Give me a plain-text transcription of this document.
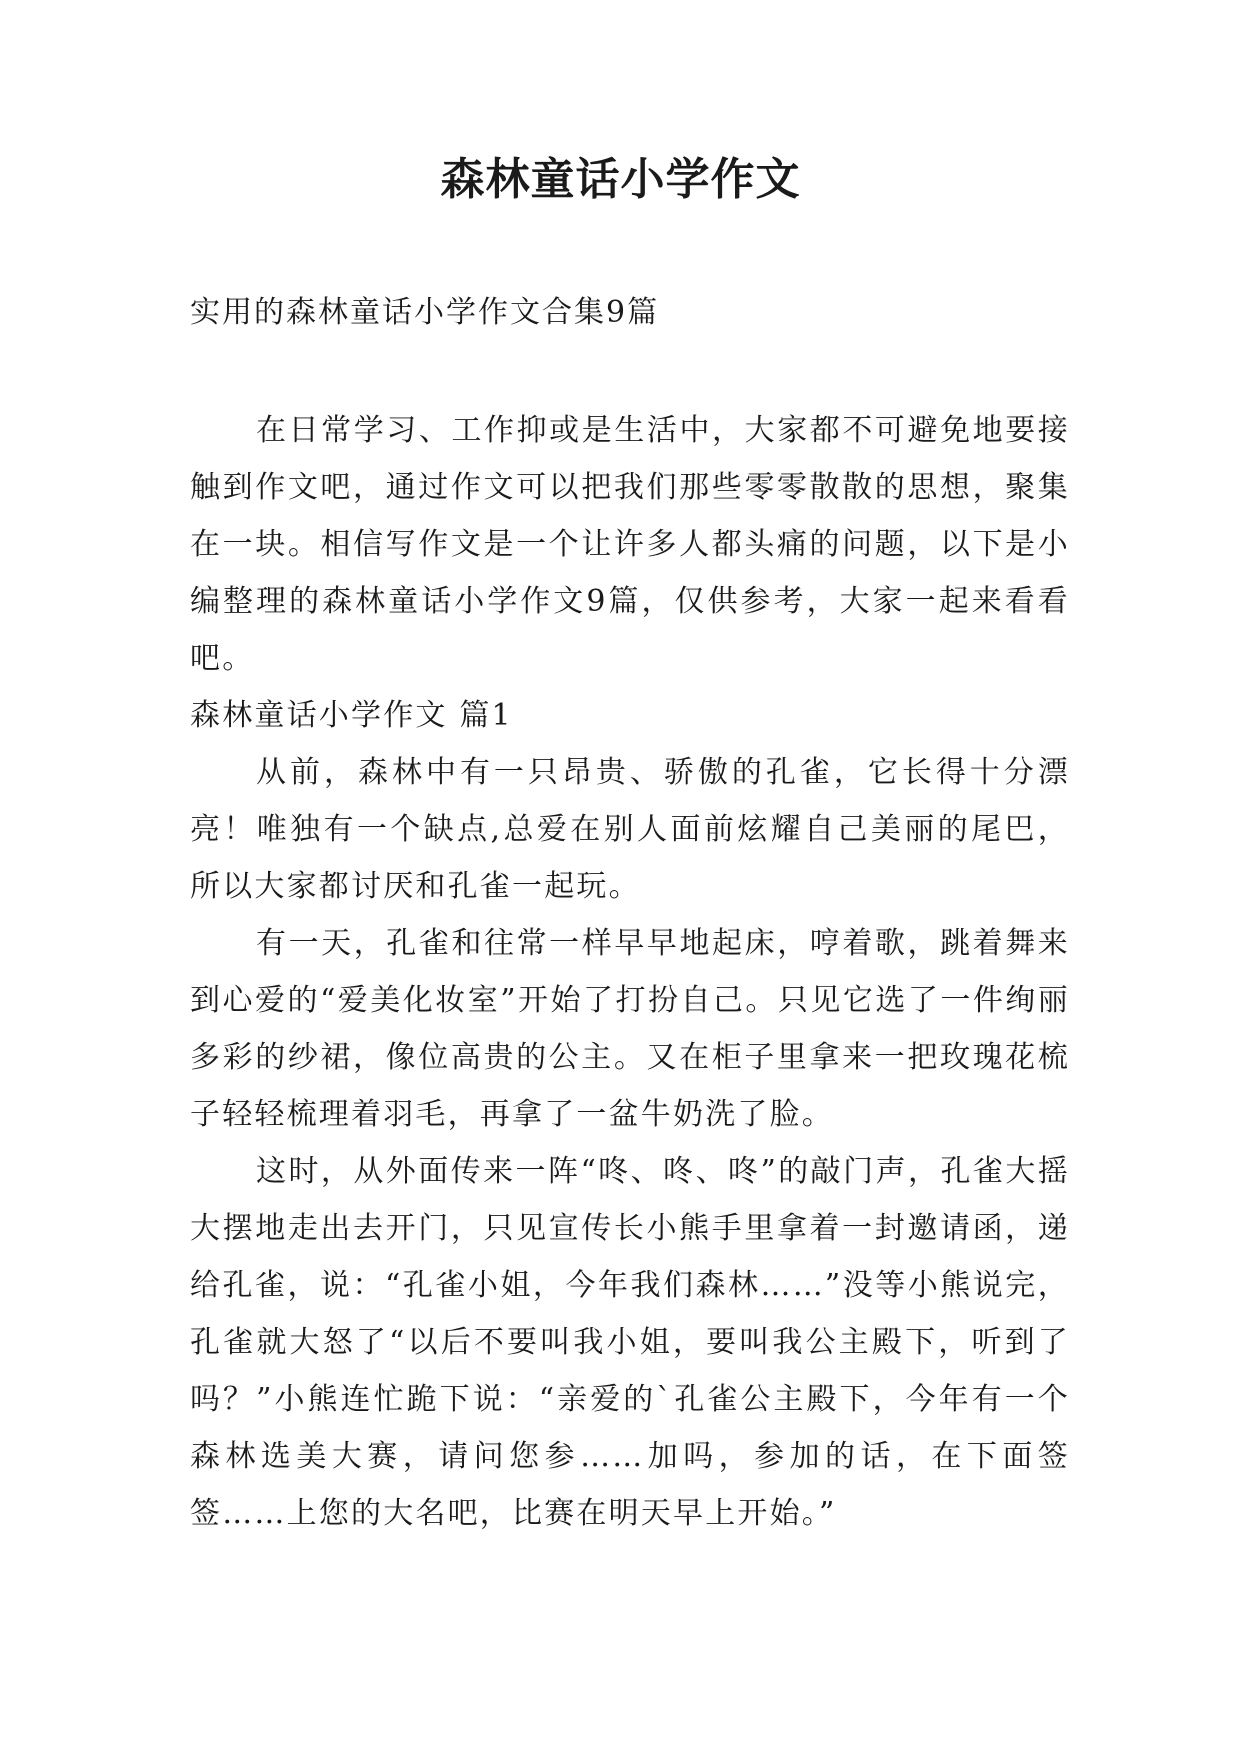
森林童话小学作文

实用的森林童话小学作文合集9篇

在日常学习、工作抑或是生活中，大家都不可避免地要接触到作文吧，通过作文可以把我们那些零零散散的思想，聚集在一块。相信写作文是一个让许多人都头痛的问题，以下是小编整理的森林童话小学作文9篇，仅供参考，大家一起来看看吧。

森林童话小学作文 篇1

从前，森林中有一只昂贵、骄傲的孔雀，它长得十分漂亮！唯独有一个缺点,总爱在别人面前炫耀自己美丽的尾巴，所以大家都讨厌和孔雀一起玩。

有一天，孔雀和往常一样早早地起床，哼着歌，跳着舞来到心爱的“爱美化妆室”开始了打扮自己。只见它选了一件绚丽多彩的纱裙，像位高贵的公主。又在柜子里拿来一把玫瑰花梳子轻轻梳理着羽毛，再拿了一盆牛奶洗了脸。

这时，从外面传来一阵“咚、咚、咚”的敲门声，孔雀大摇大摆地走出去开门，只见宣传长小熊手里拿着一封邀请函，递给孔雀，说：“孔雀小姐，今年我们森林……”没等小熊说完，孔雀就大怒了“以后不要叫我小姐，要叫我公主殿下，听到了吗？”小熊连忙跪下说：“亲爱的`孔雀公主殿下，今年有一个森林选美大赛，请问您参……加吗，参加的话，在下面签签……上您的大名吧，比赛在明天早上开始。”
